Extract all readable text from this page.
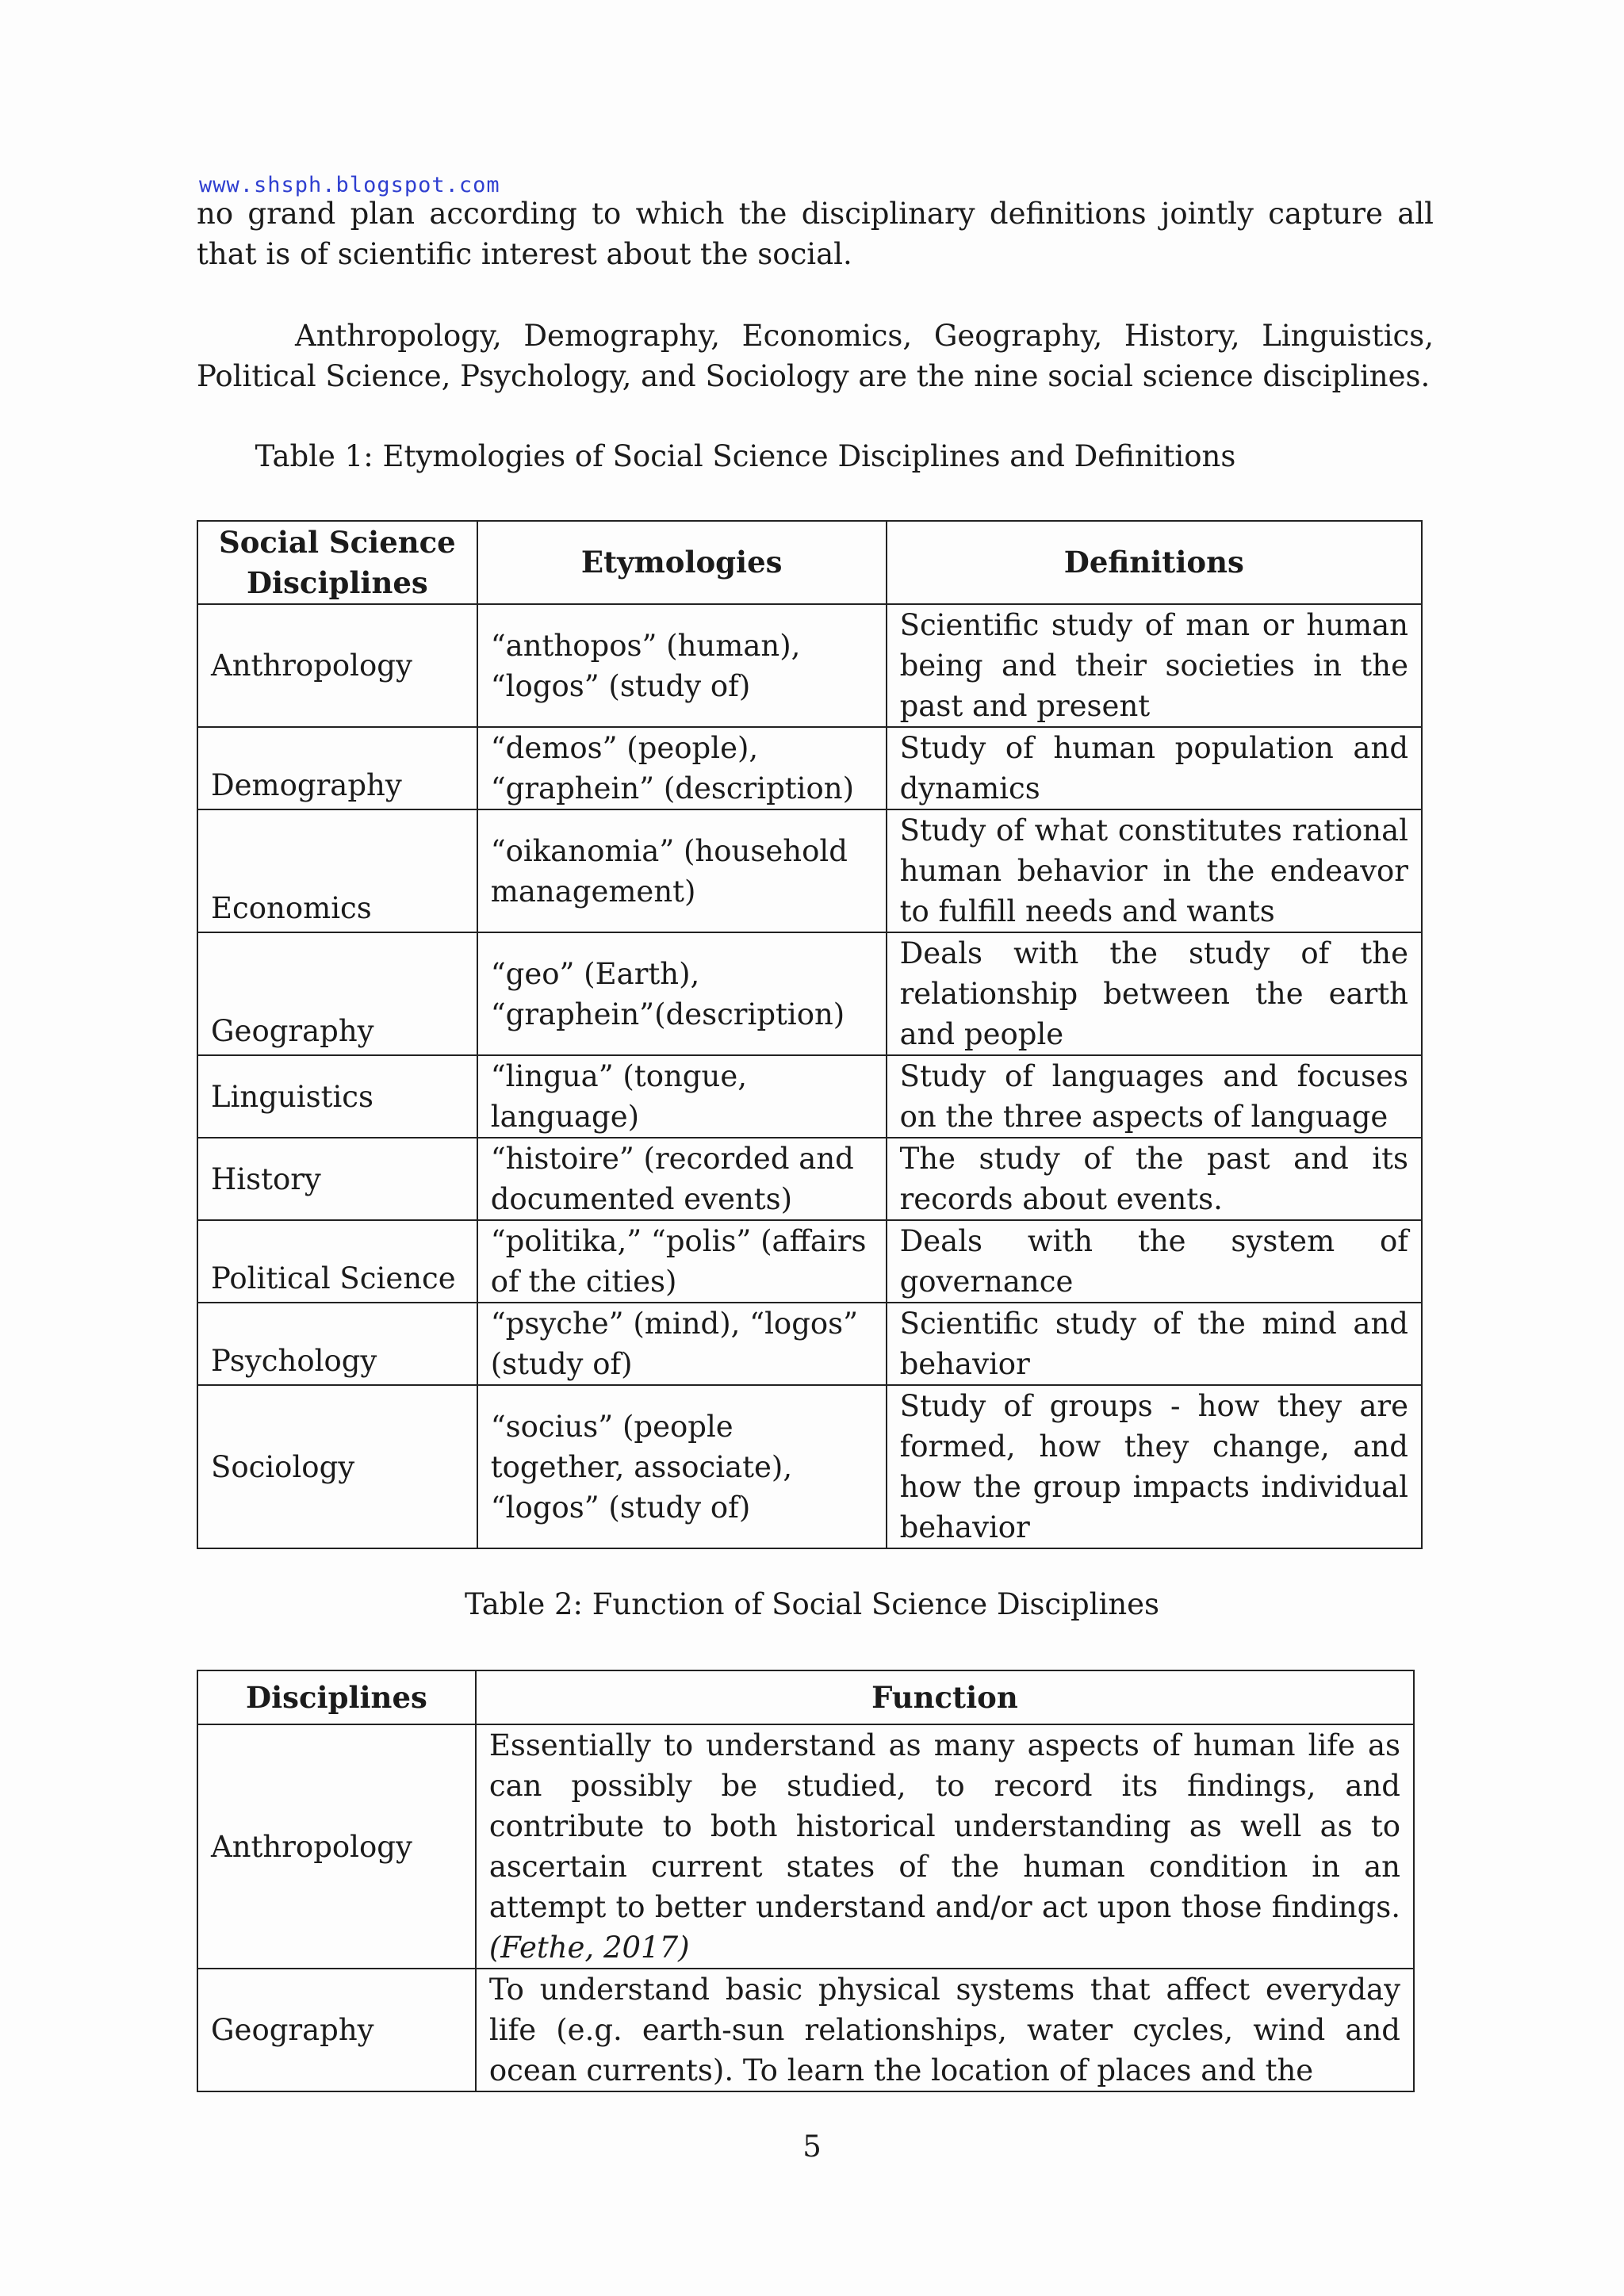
www.shsph.blogspot.com

no grand plan according to which the disciplinary definitions jointly capture all that is of scientific interest about the social.

Anthropology, Demography, Economics, Geography, History, Linguistics, Political Science, Psychology, and Sociology are the nine social science disciplines.

Table 1: Etymologies of Social Science Disciplines and Definitions

Social Science Disciplines	Etymologies	Definitions
Anthropology	“anthopos” (human), “logos” (study of)	Scientific study of man or human being and their societies in the past and present
Demography	“demos” (people), “graphein” (description)	Study of human population and dynamics
Economics	“oikanomia” (household management)	Study of what constitutes rational human behavior in the endeavor to fulfill needs and wants
Geography	“geo” (Earth), “graphein”(description)	Deals with the study of the relationship between the earth and people
Linguistics	“lingua” (tongue, language)	Study of languages and focuses on the three aspects of language
History	“histoire” (recorded and documented events)	The study of the past and its records about events.
Political Science	“politika,” “polis” (affairs of the cities)	Deals with the system of governance
Psychology	“psyche” (mind), “logos” (study of)	Scientific study of the mind and behavior
Sociology	“socius” (people together, associate), “logos” (study of)	Study of groups - how they are formed, how they change, and how the group impacts individual behavior

Table 2: Function of Social Science Disciplines

Disciplines	Function
Anthropology	Essentially to understand as many aspects of human life as can possibly be studied, to record its findings, and contribute to both historical understanding as well as to ascertain current states of the human condition in an attempt to better understand and/or act upon those findings. (Fethe, 2017)
Geography	To understand basic physical systems that affect everyday life (e.g. earth-sun relationships, water cycles, wind and ocean currents). To learn the location of places and the
5
